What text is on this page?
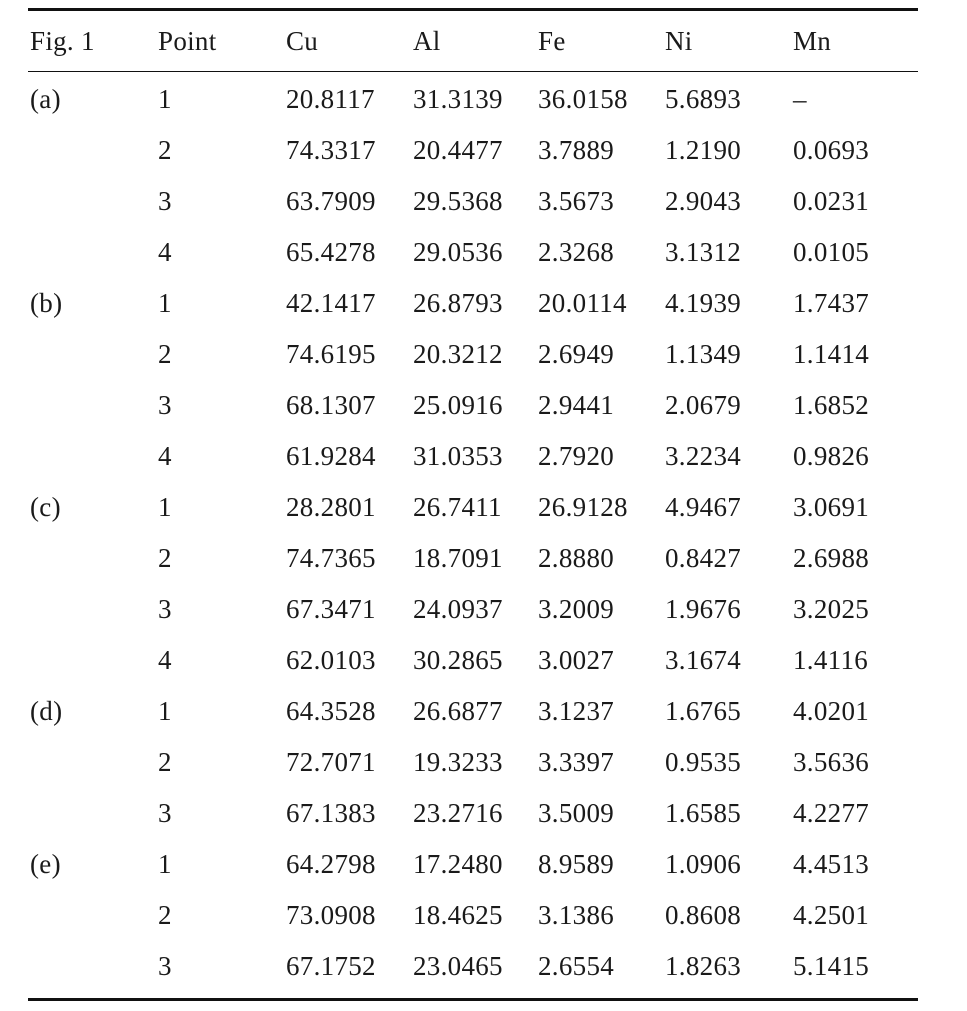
Fig. 1	Point	Cu	Al	Fe	Ni	Mn
(a)	1	20.8117	31.3139	36.0158	5.6893	–
	2	74.3317	20.4477	3.7889	1.2190	0.0693
	3	63.7909	29.5368	3.5673	2.9043	0.0231
	4	65.4278	29.0536	2.3268	3.1312	0.0105
(b)	1	42.1417	26.8793	20.0114	4.1939	1.7437
	2	74.6195	20.3212	2.6949	1.1349	1.1414
	3	68.1307	25.0916	2.9441	2.0679	1.6852
	4	61.9284	31.0353	2.7920	3.2234	0.9826
(c)	1	28.2801	26.7411	26.9128	4.9467	3.0691
	2	74.7365	18.7091	2.8880	0.8427	2.6988
	3	67.3471	24.0937	3.2009	1.9676	3.2025
	4	62.0103	30.2865	3.0027	3.1674	1.4116
(d)	1	64.3528	26.6877	3.1237	1.6765	4.0201
	2	72.7071	19.3233	3.3397	0.9535	3.5636
	3	67.1383	23.2716	3.5009	1.6585	4.2277
(e)	1	64.2798	17.2480	8.9589	1.0906	4.4513
	2	73.0908	18.4625	3.1386	0.8608	4.2501
	3	67.1752	23.0465	2.6554	1.8263	5.1415
